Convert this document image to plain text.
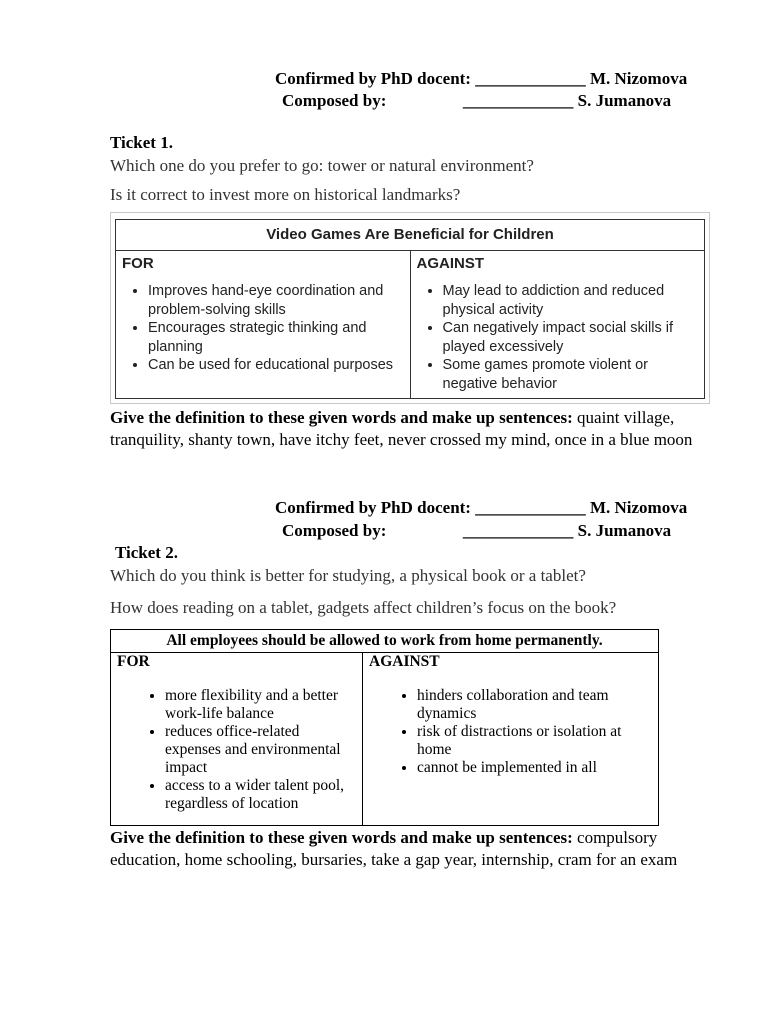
Confirmed by PhD docent: _____________ M. Nizomova
Composed by:                  _____________ S. Jumanova
Ticket 1.
Which one do you prefer to go: tower or natural environment?
Is it correct to invest more on historical landmarks?
Video Games Are Beneficial for Children
FOR
• Improves hand-eye coordination and problem-solving skills
• Encourages strategic thinking and planning
• Can be used for educational purposes
AGAINST
• May lead to addiction and reduced physical activity
• Can negatively impact social skills if played excessively
• Some games promote violent or negative behavior
Give the definition to these given words and make up sentences: quaint village, tranquility, shanty town, have itchy feet, never crossed my mind, once in a blue moon
Confirmed by PhD docent: _____________ M. Nizomova
Composed by:                  _____________ S. Jumanova
Ticket 2.
Which do you think is better for studying, a physical book or a tablet?
How does reading on a tablet, gadgets affect children’s focus on the book?
All employees should be allowed to work from home permanently.
FOR
• more flexibility and a better work-life balance
• reduces office-related expenses and environmental impact
• access to a wider talent pool, regardless of location
AGAINST
• hinders collaboration and team dynamics
• risk of distractions or isolation at home
• cannot be implemented in all
Give the definition to these given words and make up sentences: compulsory education, home schooling, bursaries, take a gap year, internship, cram for an exam
